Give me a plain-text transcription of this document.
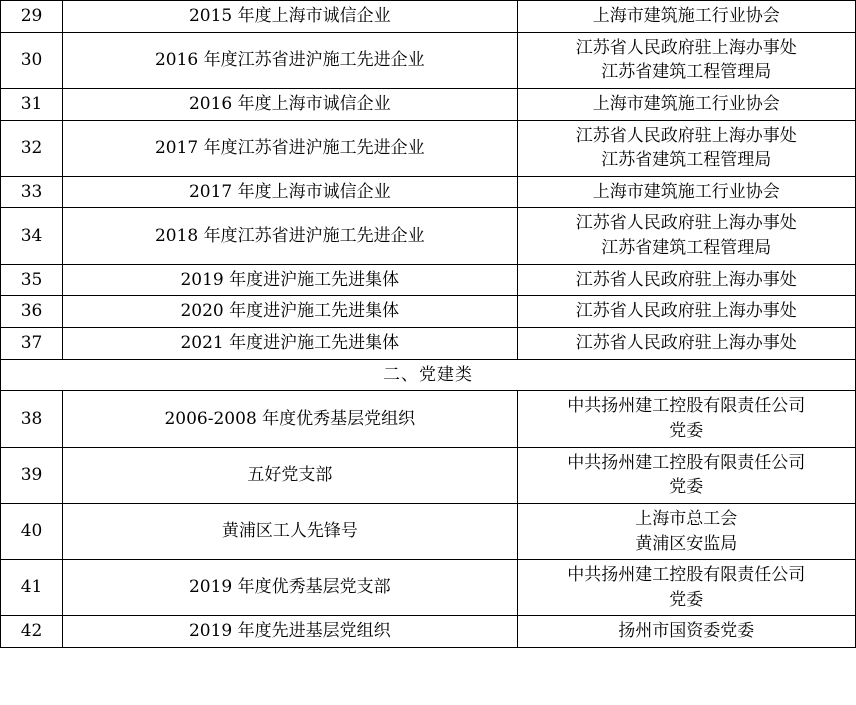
29	2015 年度上海市诚信企业	上海市建筑施工行业协会

30	2016 年度江苏省进沪施工先进企业	江苏省人民政府驻上海办事处
江苏省建筑工程管理局

31	2016 年度上海市诚信企业	上海市建筑施工行业协会

32	2017 年度江苏省进沪施工先进企业	江苏省人民政府驻上海办事处
江苏省建筑工程管理局

33	2017 年度上海市诚信企业	上海市建筑施工行业协会

34	2018 年度江苏省进沪施工先进企业	江苏省人民政府驻上海办事处
江苏省建筑工程管理局

35	2019 年度进沪施工先进集体	江苏省人民政府驻上海办事处

36	2020 年度进沪施工先进集体	江苏省人民政府驻上海办事处

37	2021 年度进沪施工先进集体	江苏省人民政府驻上海办事处

二、党建类		
38	2006-2008 年度优秀基层党组织	中共扬州建工控股有限责任公司
党委

39	五好党支部	中共扬州建工控股有限责任公司
党委

40	黄浦区工人先锋号	上海市总工会
黄浦区安监局

41	2019 年度优秀基层党支部	中共扬州建工控股有限责任公司
党委

42	2019 年度先进基层党组织	扬州市国资委党委
